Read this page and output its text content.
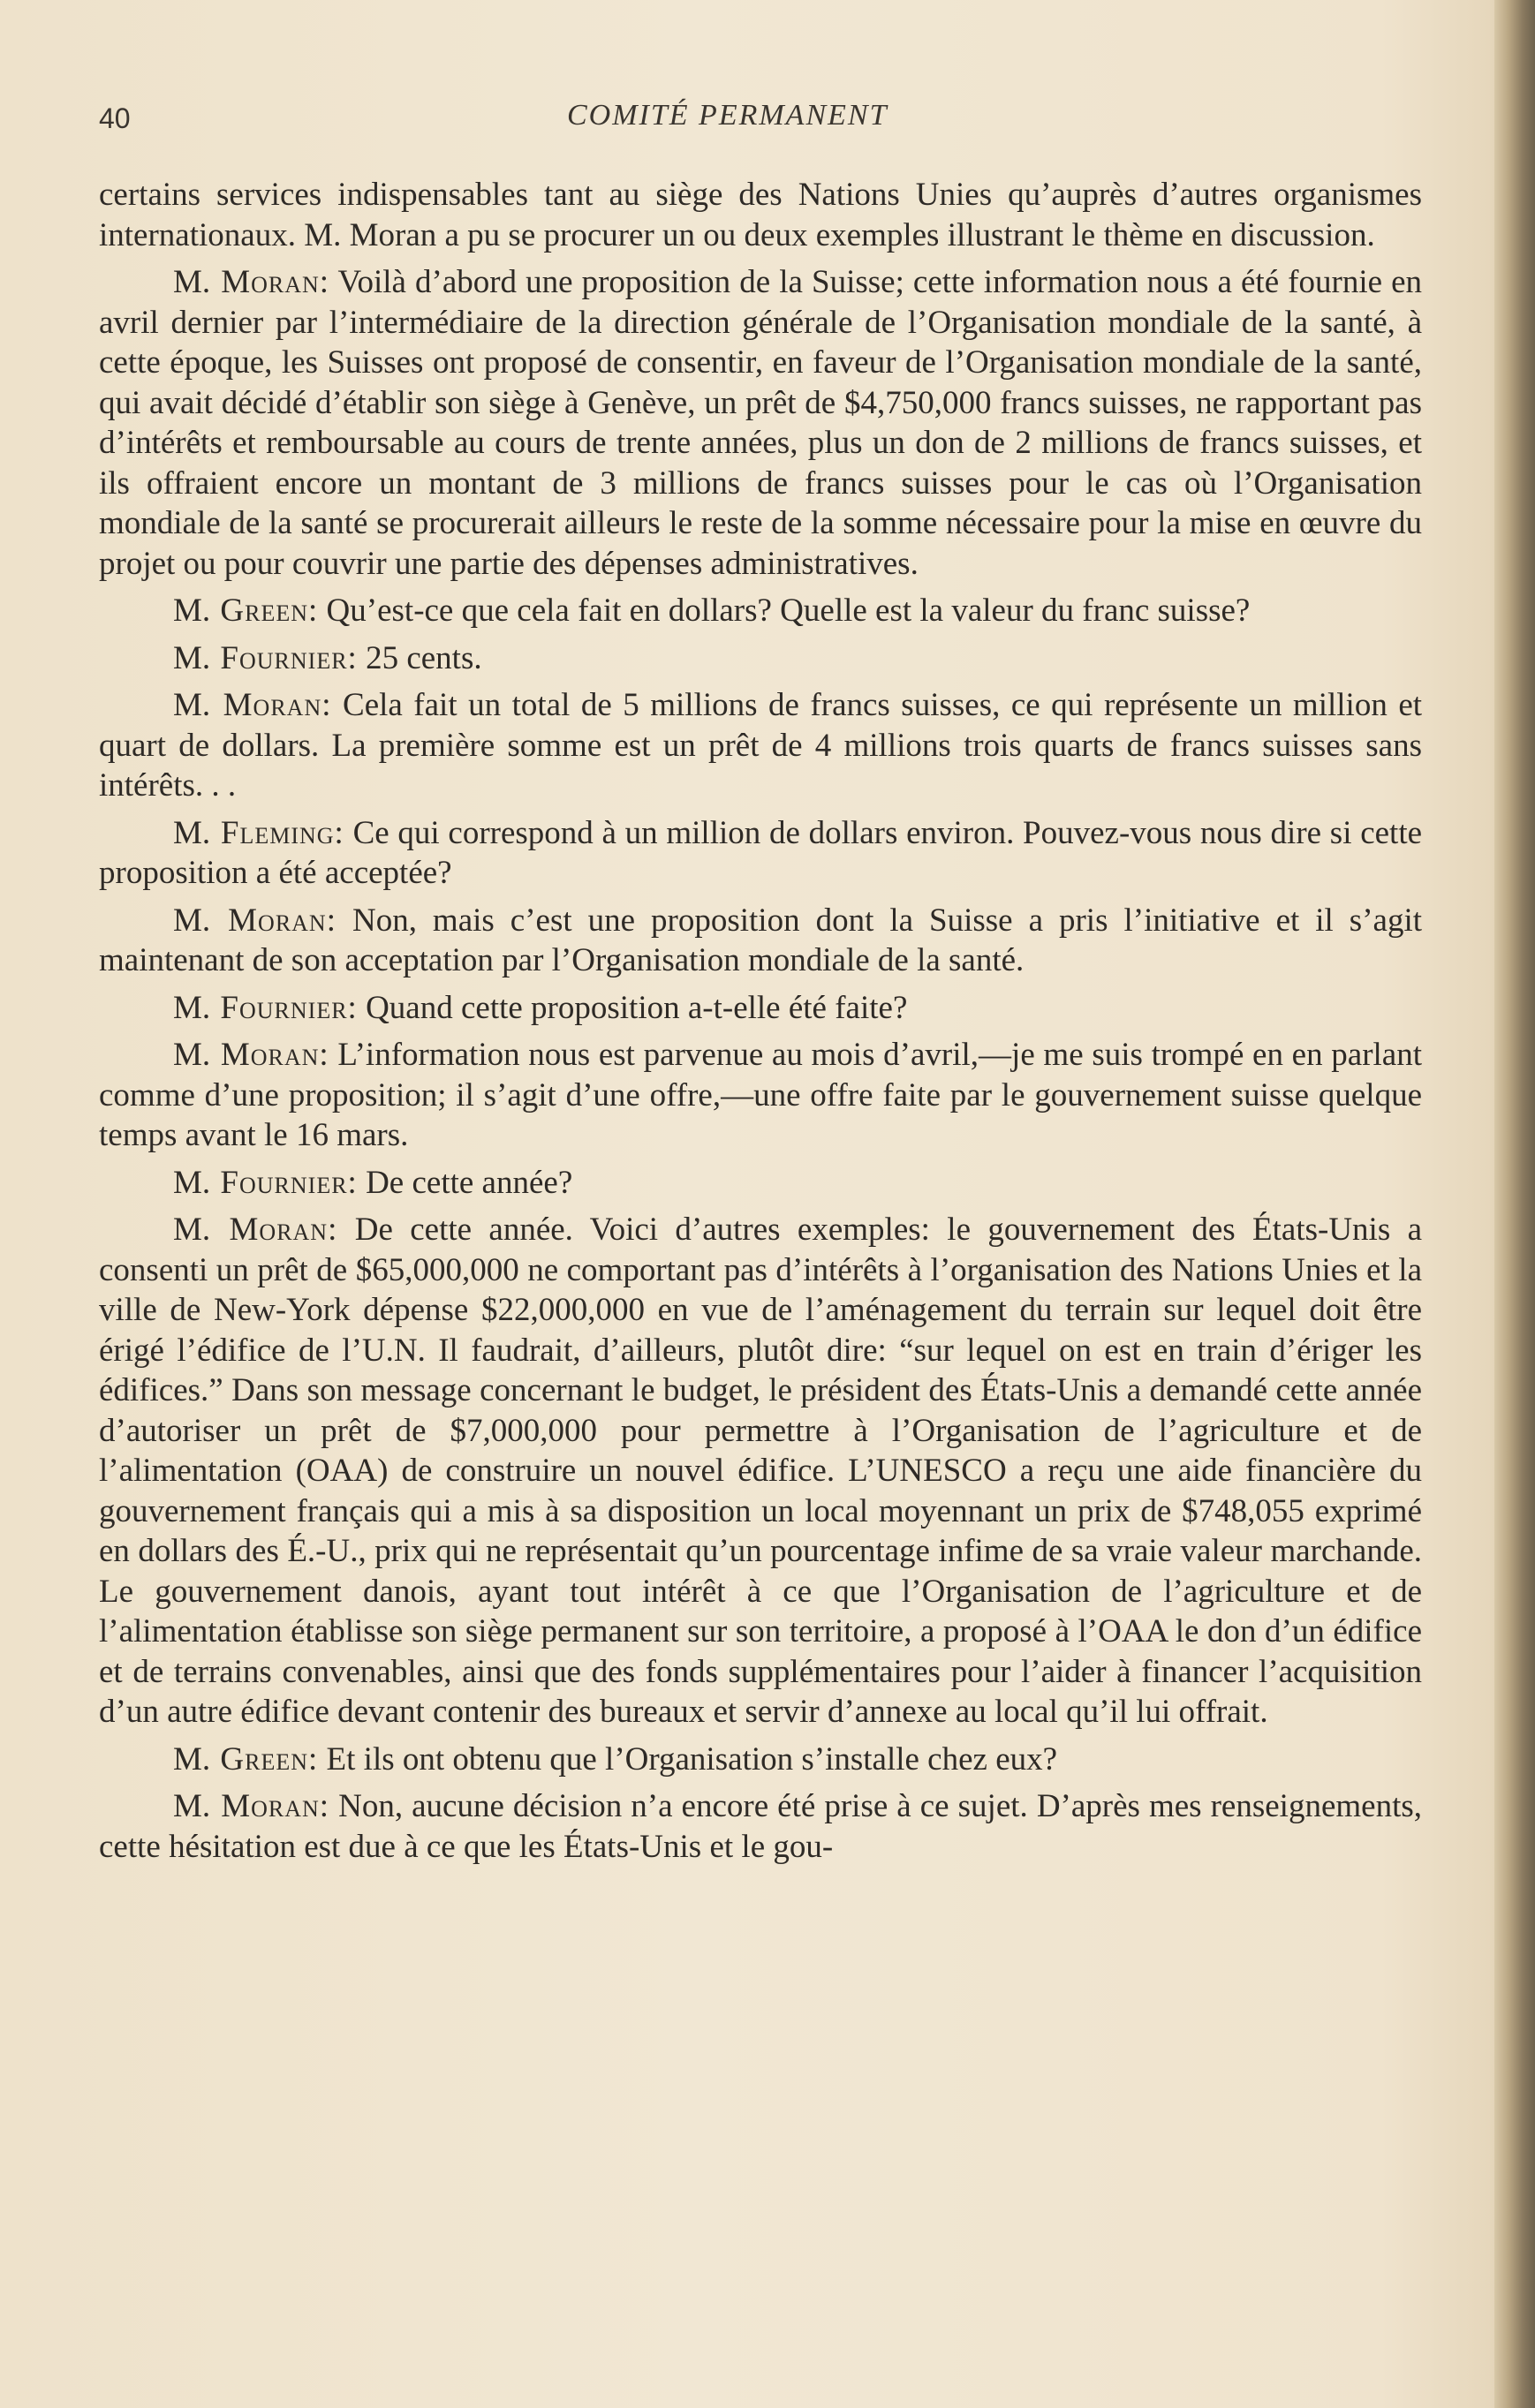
40	COMITÉ PERMANENT

certains services indispensables tant au siège des Nations Unies qu’auprès d’autres organismes internationaux. M. Moran a pu se procurer un ou deux exemples illustrant le thème en discussion.

M. Moran: Voilà d’abord une proposition de la Suisse; cette information nous a été fournie en avril dernier par l’intermédiaire de la direction générale de l’Organisation mondiale de la santé, à cette époque, les Suisses ont proposé de consentir, en faveur de l’Organisation mondiale de la santé, qui avait décidé d’établir son siège à Genève, un prêt de $4,750,000 francs suisses, ne rapportant pas d’intérêts et remboursable au cours de trente années, plus un don de 2 millions de francs suisses, et ils offraient encore un montant de 3 millions de francs suisses pour le cas où l’Organisation mondiale de la santé se procurerait ailleurs le reste de la somme nécessaire pour la mise en œuvre du projet ou pour couvrir une partie des dépenses administratives.

M. Green: Qu’est-ce que cela fait en dollars? Quelle est la valeur du franc suisse?

M. Fournier: 25 cents.

M. Moran: Cela fait un total de 5 millions de francs suisses, ce qui représente un million et quart de dollars. La première somme est un prêt de 4 millions trois quarts de francs suisses sans intérêts. . .

M. Fleming: Ce qui correspond à un million de dollars environ. Pouvez-vous nous dire si cette proposition a été acceptée?

M. Moran: Non, mais c’est une proposition dont la Suisse a pris l’initiative et il s’agit maintenant de son acceptation par l’Organisation mondiale de la santé.

M. Fournier: Quand cette proposition a-t-elle été faite?

M. Moran: L’information nous est parvenue au mois d’avril,—je me suis trompé en en parlant comme d’une proposition; il s’agit d’une offre,—une offre faite par le gouvernement suisse quelque temps avant le 16 mars.

M. Fournier: De cette année?

M. Moran: De cette année. Voici d’autres exemples: le gouvernement des États-Unis a consenti un prêt de $65,000,000 ne comportant pas d’intérêts à l’organisation des Nations Unies et la ville de New-York dépense $22,000,000 en vue de l’aménagement du terrain sur lequel doit être érigé l’édifice de l’U.N. Il faudrait, d’ailleurs, plutôt dire: “sur lequel on est en train d’ériger les édifices.” Dans son message concernant le budget, le président des États-Unis a demandé cette année d’autoriser un prêt de $7,000,000 pour permettre à l’Organisation de l’agriculture et de l’alimentation (OAA) de construire un nouvel édifice. L’UNESCO a reçu une aide financière du gouvernement français qui a mis à sa disposition un local moyennant un prix de $748,055 exprimé en dollars des É.-U., prix qui ne représentait qu’un pourcentage infime de sa vraie valeur marchande. Le gouvernement danois, ayant tout intérêt à ce que l’Organisation de l’agriculture et de l’alimentation établisse son siège permanent sur son territoire, a proposé à l’OAA le don d’un édifice et de terrains convenables, ainsi que des fonds supplémentaires pour l’aider à financer l’acquisition d’un autre édifice devant contenir des bureaux et servir d’annexe au local qu’il lui offrait.

M. Green: Et ils ont obtenu que l’Organisation s’installe chez eux?

M. Moran: Non, aucune décision n’a encore été prise à ce sujet. D’après mes renseignements, cette hésitation est due à ce que les États-Unis et le gou-
